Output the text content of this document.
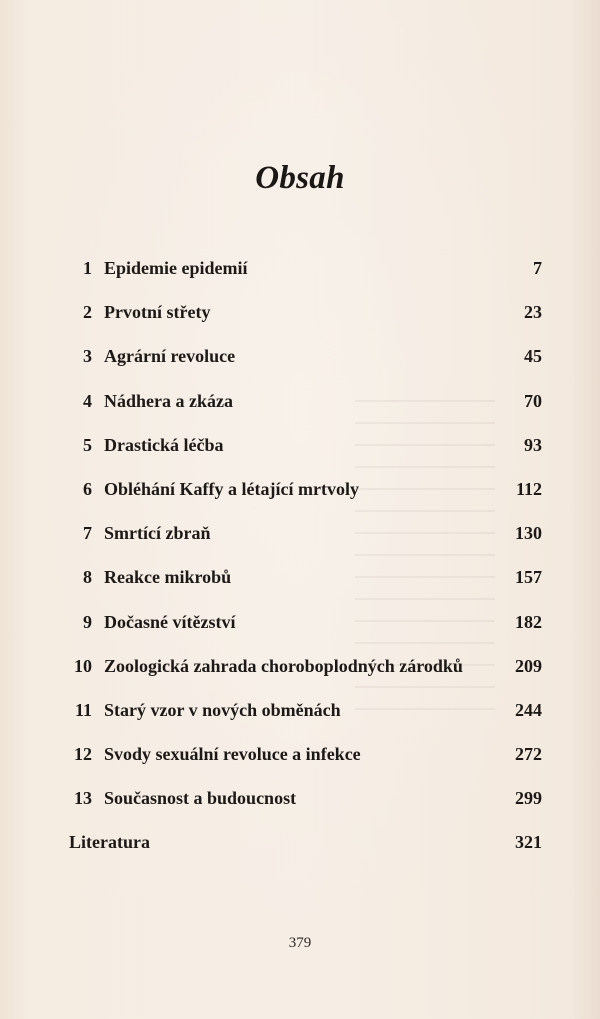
Obsah
1 Epidemie epidemií	7
2 Prvotní střety	23
3 Agrární revoluce	45
4 Nádhera a zkáza	70
5 Drastická léčba	93
6 Obléhání Kaffy a létající mrtvoly	112
7 Smrtící zbraň	130
8 Reakce mikrobů	157
9 Dočasné vítězství	182
10 Zoologická zahrada choroboplodných zárodků	209
11 Starý vzor v nových obměnách	244
12 Svody sexuální revoluce a infekce	272
13 Současnost a budoucnost	299
Literatura	321
379
